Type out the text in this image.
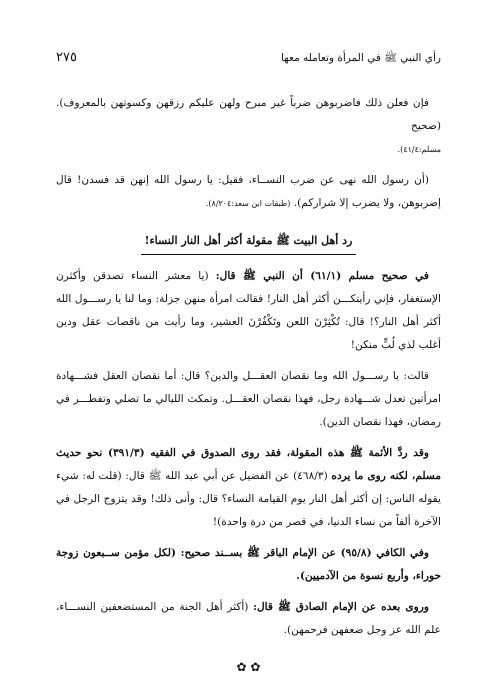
٢٧٥	رأي النبي ﷺ في المرأة وتعامله معها

فإن فعلن ذلك فاضربوهن ضرباً غير مبرح ولهن عليكم رزقهن وكسوتهن بالمعروف). (صحيح
مسلم:٤١/٤).

(أن رسول الله نهى عن ضرب النســاء، فقيل: يا رسول الله إنهن قد فسدن! قال إضربوهن، ولا يضرب إلا شراركم). (طبقات ابن سعد:٨/٢٠٤).

رد أهل البيت ﷺ مقولة أكثر أهل النار النساء!

في صحيح مسلم (٦١/١) أن النبي ﷺ قال: (يا معشر النساء تصدقن وأكثرن الإستغفار، فإني رأيتكـــن أكثر أهل النار! فقالت امرأة منهن جزلة: وما لنا يا رســـول الله أكثر أهل النار؟! قال: تُكْثِرْنَ اللعن وتَكْفُرْنَ العشير، وما رأيت من ناقصات عقل ودين أغلب لذي لُبٍّ منكن!

قالت: يا رســـول الله وما نقصان العقـــل والدين؟ قال: أما نقصان العقل فشـــهادة امرأتين تعدل شـــهادة رجل، فهذا نقصان العقـــل. وتمكث الليالي ما تصلي وتفطـــر في رمضان، فهذا نقصان الدين).

وقد ردَّ الأئمة ﷺ هذه المقولة، فقد روى الصدوق في الفقيه (٣٩١/٣) نحو حديث مسلم، لكنه روى ما يرده (٤٦٨/٣) عن الفضيل عن أبي عبد الله ﷺ قال: (قلت له: شيء يقوله الناس: إن أكثر أهل النار يوم القيامة النساء؟ قال: وأنى ذلك! وقد يتزوج الرجل في الآخرة ألفاً من نساء الدنيا، في قصر من درة واحدة)!

وفي الكافي (٩٥/٨) عن الإمام الباقر ﷺ بســند صحيح: (لكل مؤمن ســبعون زوجة حوراء، وأربع نسوة من الآدميين).

وروى بعده عن الإمام الصادق ﷺ قال: (أكثر أهل الجنة من المستضعفين النســـاء، علم الله عز وجل ضعفهن فرحمهن).

✿ ✿
